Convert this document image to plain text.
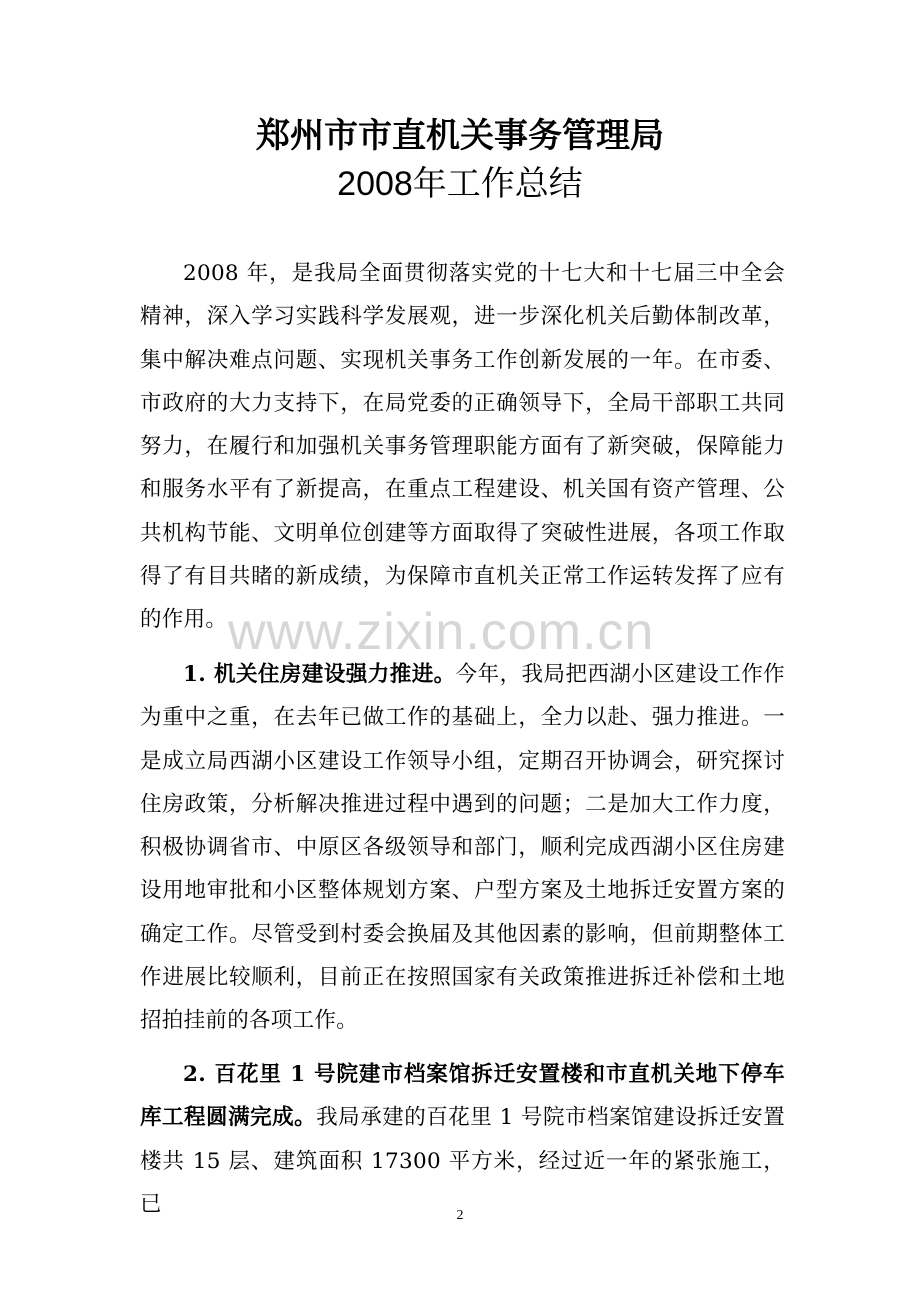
www.zixin.com.cn
郑州市市直机关事务管理局
2008年工作总结

2008 年，是我局全面贯彻落实党的十七大和十七届三中全会精神，深入学习实践科学发展观，进一步深化机关后勤体制改革，集中解决难点问题、实现机关事务工作创新发展的一年。在市委、市政府的大力支持下，在局党委的正确领导下，全局干部职工共同努力，在履行和加强机关事务管理职能方面有了新突破，保障能力和服务水平有了新提高，在重点工程建设、机关国有资产管理、公共机构节能、文明单位创建等方面取得了突破性进展，各项工作取得了有目共睹的新成绩，为保障市直机关正常工作运转发挥了应有的作用。

1. 机关住房建设强力推进。今年，我局把西湖小区建设工作作为重中之重，在去年已做工作的基础上，全力以赴、强力推进。一是成立局西湖小区建设工作领导小组，定期召开协调会，研究探讨住房政策，分析解决推进过程中遇到的问题；二是加大工作力度，积极协调省市、中原区各级领导和部门，顺利完成西湖小区住房建设用地审批和小区整体规划方案、户型方案及土地拆迁安置方案的确定工作。尽管受到村委会换届及其他因素的影响，但前期整体工作进展比较顺利，目前正在按照国家有关政策推进拆迁补偿和土地招拍挂前的各项工作。

2. 百花里 1 号院建市档案馆拆迁安置楼和市直机关地下停车库工程圆满完成。我局承建的百花里 1 号院市档案馆建设拆迁安置楼共 15 层、建筑面积 17300 平方米，经过近一年的紧张施工，已	2
